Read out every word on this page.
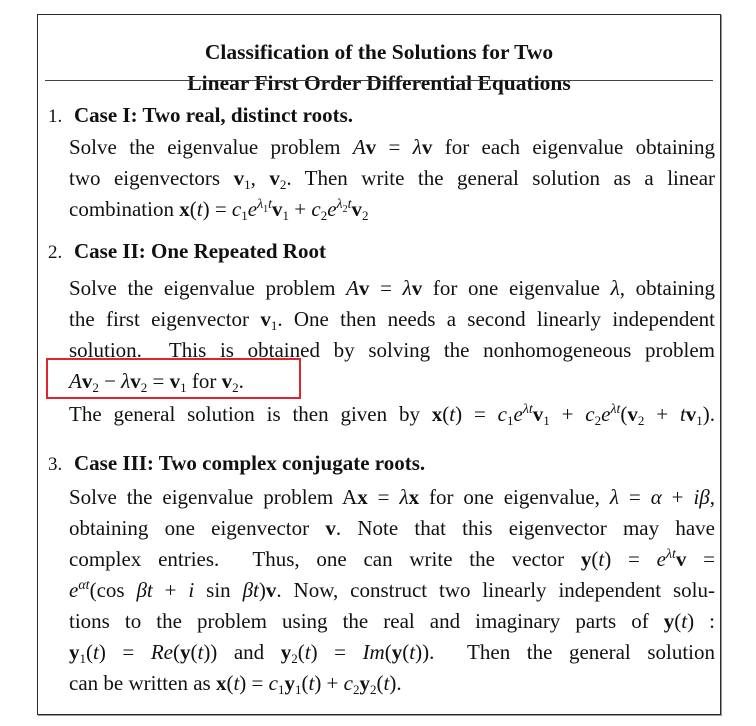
Classification of the Solutions for Two
Linear First Order Differential Equations
1. Case I: Two real, distinct roots.
Solve the eigenvalue problem Av = λv for each eigenvalue obtaining
two eigenvectors $v_1$, $v_2$. Then write the general solution as a linear
combination $x(t) = c_1e^{\lambda_1t}v_1 + c_2e^{\lambda_2t}v_2$
2. Case II: One Repeated Root
Solve the eigenvalue problem Av = λv for one eigenvalue λ, obtaining
the first eigenvector $v_1$. One then needs a second linearly independent
solution.  This is obtained by solving the nonhomogeneous problem
$Av_2 - \lambda v_2 = v_1$ for $v_2$.
The general solution is then given by $x(t) = c_1e^{\lambda t}v_1 + c_2e^{\lambda t}(v_2 + tv_1)$.
3. Case III: Two complex conjugate roots.
Solve the eigenvalue problem Ax = λx for one eigenvalue, λ = α + iβ,
obtaining one eigenvector v. Note that this eigenvector may have
complex entries.  Thus, one can write the vector $y(t) = e^{\lambda t}v$ =
$e^{\alpha t}(\cos$ βt + i sin βt)v. Now, construct two linearly independent solu-
tions to the problem using the real and imaginary parts of y(t) :
$y_1(t) = Re(y(t))$ and $y_2(t) = Im(y(t))$.  Then the general solution
can be written as $x(t) = c_1y_1(t) + c_2y_2(t)$.
